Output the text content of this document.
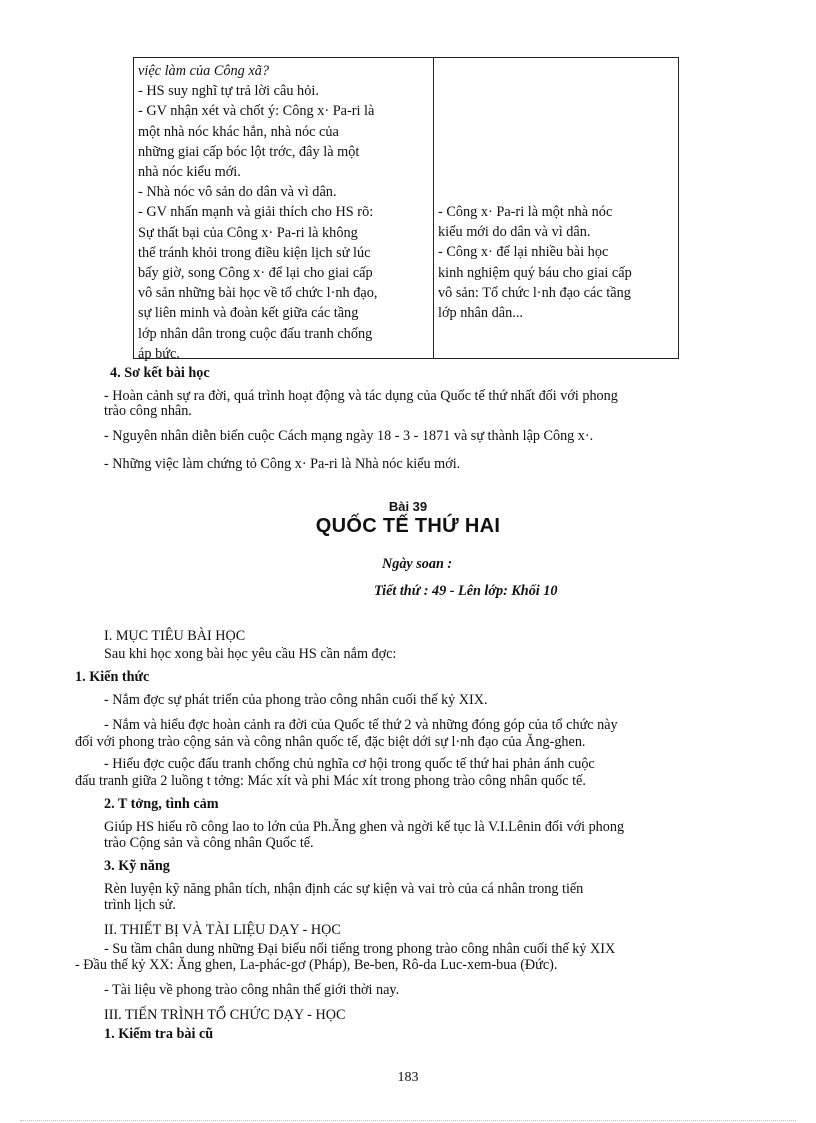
việc làm của Công xã?
- HS suy nghĩ tự trả lời câu hỏi.
- GV nhận xét và chốt ý: Công x· Pa-ri là
một nhà nóc khác hẳn, nhà nóc của
những giai cấp bóc lột trớc, đây là một
nhà nóc kiểu mới.
- Nhà nóc vô sản do dân và vì dân.
- GV nhấn mạnh và giải thích cho HS rõ:
Sự thất bại của Công x· Pa-ri là không
thể tránh khỏi trong điều kiện lịch sử lúc
bấy giờ, song Công x· để lại cho giai cấp
vô sản những bài học về tổ chức l·nh đạo,
sự liên minh và đoàn kết giữa các tầng
lớp nhân dân trong cuộc đấu tranh chống
áp bức.
- Công x· Pa-ri là một nhà nóc
kiểu mới do dân và vì dân.
- Công x· để lại nhiều bài học
kinh nghiệm quý báu cho giai cấp
vô sản: Tổ chức l·nh đạo các tầng
lớp nhân dân...
4. Sơ kết bài học
- Hoàn cảnh sự ra đời, quá trình hoạt động và tác dụng của Quốc tế thứ nhất đối với phong
trào công nhân.
- Nguyên nhân diễn biến cuộc Cách mạng ngày 18 - 3 - 1871 và sự thành lập Công x·.
- Những việc làm chứng tỏ Công x· Pa-ri là Nhà nóc kiểu mới.
Bài 39
QUỐC TẾ THỨ HAI
Ngày soan :
Tiết thứ : 49 - Lên lớp: Khối 10
I. MỤC TIÊU BÀI HỌC
Sau khi học xong bài học yêu cầu HS cần nắm đợc:
1. Kiến thức
- Nắm đợc sự phát triển của phong trào công nhân cuối thế kỷ XIX.
- Nắm và hiểu đợc hoàn cảnh ra đời của Quốc tế thứ 2 và những đóng góp của tổ chức này
đối với phong trào cộng sản và công nhân quốc tế, đặc biệt dới sự l·nh đạo của Ăng-ghen.
- Hiểu đợc cuộc đấu tranh chống chủ nghĩa cơ hội trong quốc tế thứ hai phản ánh cuộc
đấu tranh giữa 2 luồng t tởng: Mác xít và phi Mác xít trong phong trào công nhân quốc tế.
2. T tởng, tình cảm
Giúp HS hiểu rõ công lao to lớn của Ph.Ăng ghen và ngời kế tục là V.I.Lênin đối với phong
trào Cộng sản và công nhân Quốc tế.
3. Kỹ năng
Rèn luyện kỹ năng phân tích, nhận định các sự kiện và vai trò của cá nhân trong tiến
trình lịch sử.
II. THIẾT BỊ VÀ TÀI LIỆU DẠY - HỌC
- Su tầm chân dung những Đại biểu nổi tiếng trong phong trào công nhân cuối thế kỷ XIX
- Đầu thế kỷ XX: Ăng ghen, La-phác-gơ (Pháp), Be-ben, Rô-da Luc-xem-bua (Đức).
- Tài liệu về phong trào công nhân thế giới thời nay.
III. TIẾN TRÌNH TỔ CHỨC DẠY - HỌC
1. Kiểm tra bài cũ
183
